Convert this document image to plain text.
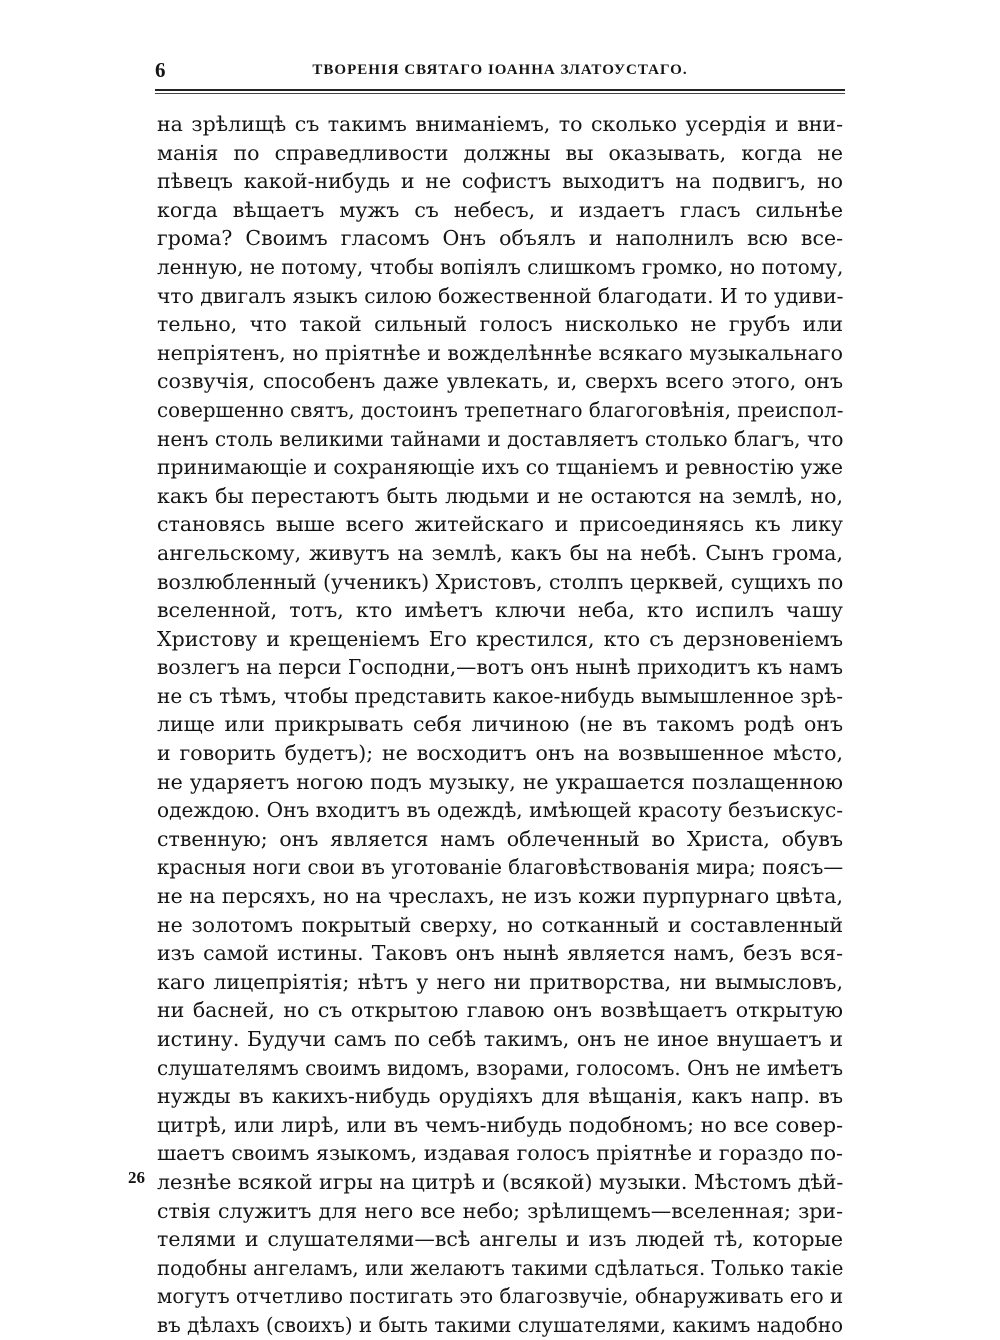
6	ТВОРЕНІЯ СВЯТАГО ІОАННА ЗЛАТОУСТАГО.
26
на зрѣлищѣ съ такимъ вниманіемъ, то сколько усердія и вни-
манія по справедливости должны вы оказывать, когда не
пѣвецъ какой-нибудь и не софистъ выходитъ на подвигъ, но
когда вѣщаетъ мужъ съ небесъ, и издаетъ гласъ сильнѣе
грома? Своимъ гласомъ Онъ объялъ и наполнилъ всю все-
ленную, не потому, чтобы вопіялъ слишкомъ громко, но потому,
что двигалъ языкъ силою божественной благодати. И то удиви-
тельно, что такой сильный голосъ нисколько не грубъ или
непріятенъ, но пріятнѣе и вожделѣннѣе всякаго музыкальнаго
созвучія, способенъ даже увлекать, и, сверхъ всего этого, онъ
совершенно святъ, достоинъ трепетнаго благоговѣнія, преиспол-
ненъ столь великими тайнами и доставляетъ столько благъ, что
принимающіе и сохраняющіе ихъ со тщаніемъ и ревностію уже
какъ бы перестаютъ быть людьми и не остаются на землѣ, но,
становясь выше всего житейскаго и присоединяясь къ лику
ангельскому, живутъ на землѣ, какъ бы на небѣ. Сынъ грома,
возлюбленный (ученикъ) Христовъ, столпъ церквей, сущихъ по
вселенной, тотъ, кто имѣетъ ключи неба, кто испилъ чашу
Христову и крещеніемъ Его крестился, кто съ дерзновеніемъ
возлегъ на перси Господни,—вотъ онъ нынѣ приходитъ къ намъ
не съ тѣмъ, чтобы представить какое-нибудь вымышленное зрѣ-
лище или прикрывать себя личиною (не въ такомъ родѣ онъ
и говорить будетъ); не восходитъ онъ на возвышенное мѣсто,
не ударяетъ ногою подъ музыку, не украшается позлащенною
одеждою. Онъ входитъ въ одеждѣ, имѣющей красоту безъискус-
ственную; онъ является намъ облеченный во Христа, обувъ
красныя ноги свои въ уготованіе благовѣствованія мира; поясъ—
не на персяхъ, но на чреслахъ, не изъ кожи пурпурнаго цвѣта,
не золотомъ покрытый сверху, но сотканный и составленный
изъ самой истины. Таковъ онъ нынѣ является намъ, безъ вся-
каго лицепріятія; нѣтъ у него ни притворства, ни вымысловъ,
ни басней, но съ открытою главою онъ возвѣщаетъ открытую
истину. Будучи самъ по себѣ такимъ, онъ не иное внушаетъ и
слушателямъ своимъ видомъ, взорами, голосомъ. Онъ не имѣетъ
нужды въ какихъ-нибудь орудіяхъ для вѣщанія, какъ напр. въ
цитрѣ, или лирѣ, или въ чемъ-нибудь подобномъ; но все совер-
шаетъ своимъ языкомъ, издавая голосъ пріятнѣе и гораздо по-
лезнѣе всякой игры на цитрѣ и (всякой) музыки. Мѣстомъ дѣй-
ствія служитъ для него все небо; зрѣлищемъ—вселенная; зри-
телями и слушателями—всѣ ангелы и изъ людей тѣ, которые
подобны ангеламъ, или желаютъ такими сдѣлаться. Только такіе
могутъ отчетливо постигать это благозвучіе, обнаруживать его и
въ дѣлахъ (своихъ) и быть такими слушателями, какимъ надобно
